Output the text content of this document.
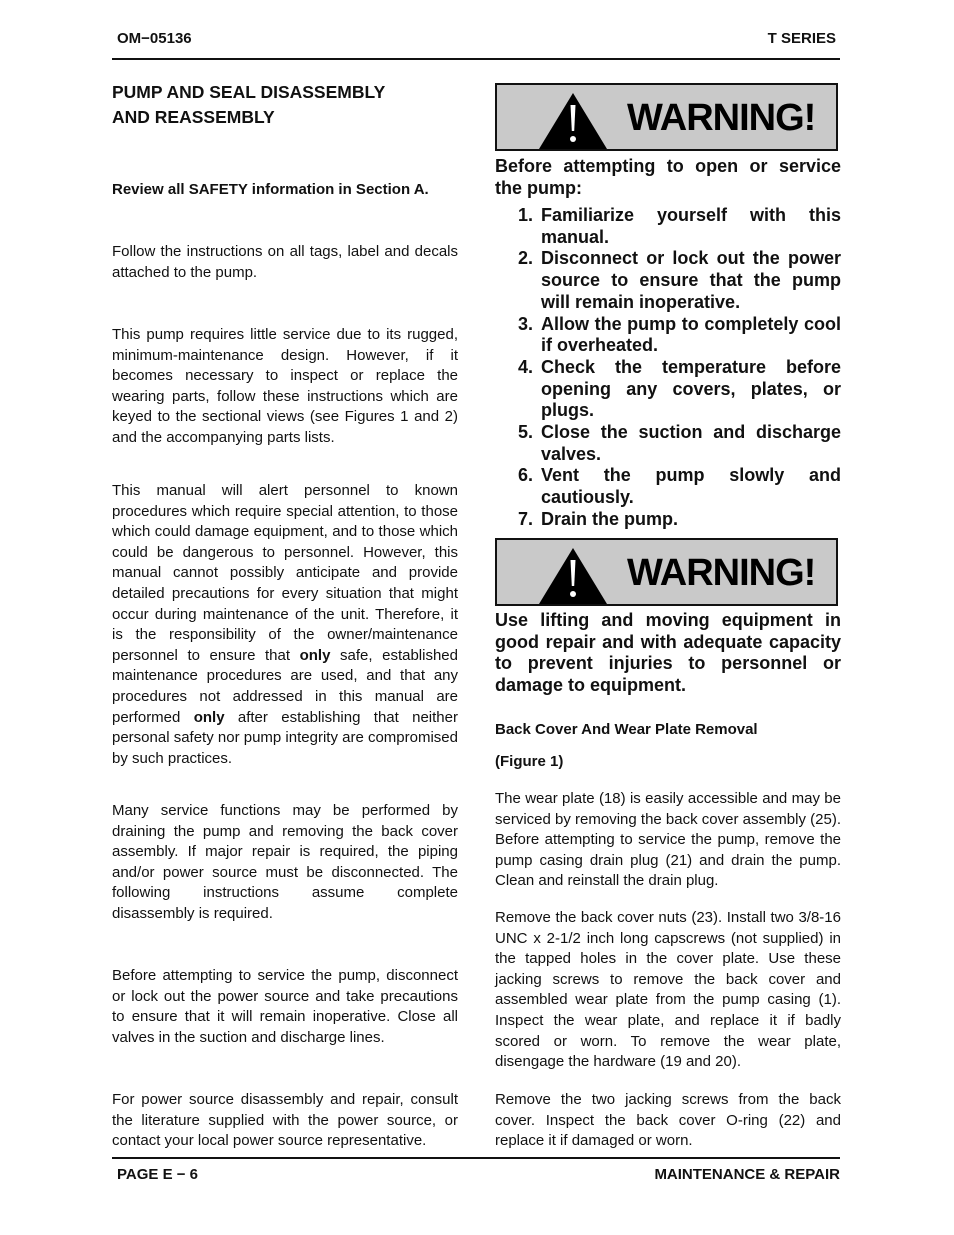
OM−05136	T SERIES
PUMP AND SEAL DISASSEMBLY
AND REASSEMBLY
Review all SAFETY information in Section A.
Follow the instructions on all tags, label and decals attached to the pump.
This pump requires little service due to its rugged, minimum-maintenance design. However, if it becomes necessary to inspect or replace the wearing parts, follow these instructions which are keyed to the sectional views (see Figures 1 and 2) and the accompanying parts lists.
This manual will alert personnel to known procedures which require special attention, to those which could damage equipment, and to those which could be dangerous to personnel. However, this manual cannot possibly anticipate and provide detailed precautions for every situation that might occur during maintenance of the unit. Therefore, it is the responsibility of the owner/maintenance personnel to ensure that only safe, established maintenance procedures are used, and that any procedures not addressed in this manual are performed only after establishing that neither personal safety nor pump integrity are compromised by such practices.
Many service functions may be performed by draining the pump and removing the back cover assembly. If major repair is required, the piping and/or power source must be disconnected. The following instructions assume complete disassembly is required.
Before attempting to service the pump, disconnect or lock out the power source and take precautions to ensure that it will remain inoperative. Close all valves in the suction and discharge lines.
For power source disassembly and repair, consult the literature supplied with the power source, or contact your local power source representative.
WARNING!
Before attempting to open or service the pump:
1. Familiarize yourself with this manual.
2. Disconnect or lock out the power source to ensure that the pump will remain inoperative.
3. Allow the pump to completely cool if overheated.
4. Check the temperature before opening any covers, plates, or plugs.
5. Close the suction and discharge valves.
6. Vent the pump slowly and cautiously.
7. Drain the pump.
WARNING!
Use lifting and moving equipment in good repair and with adequate capacity to prevent injuries to personnel or damage to equipment.
Back Cover And Wear Plate Removal
(Figure 1)
The wear plate (18) is easily accessible and may be serviced by removing the back cover assembly (25). Before attempting to service the pump, remove the pump casing drain plug (21) and drain the pump. Clean and reinstall the drain plug.
Remove the back cover nuts (23). Install two 3/8-16 UNC x 2-1/2 inch long capscrews (not supplied) in the tapped holes in the cover plate. Use these jacking screws to remove the back cover and assembled wear plate from the pump casing (1). Inspect the wear plate, and replace it if badly scored or worn. To remove the wear plate, disengage the hardware (19 and 20).
Remove the two jacking screws from the back cover. Inspect the back cover O-ring (22) and replace it if damaged or worn.
PAGE E − 6	MAINTENANCE & REPAIR
